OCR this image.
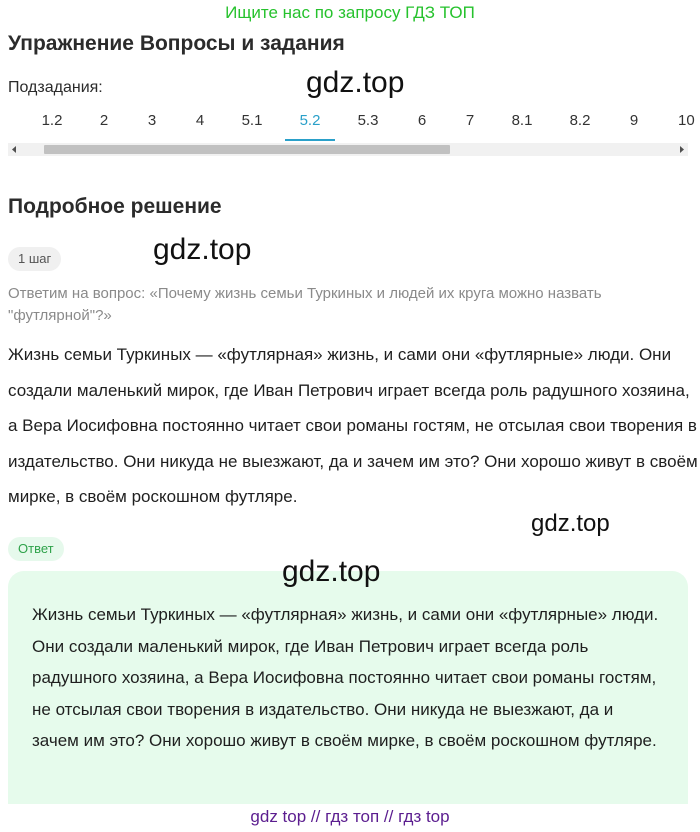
Ищите нас по запросу ГДЗ ТОП
Упражнение Вопросы и задания
Подзадания:	gdz.top
1.2	2	3	4	5.1	5.2	5.3	6	7	8.1	8.2	9	10
Подробное решение
1 шаг	gdz.top
Ответим на вопрос: «Почему жизнь семьи Туркиных и людей их круга можно назвать "футлярной"?»
Жизнь семьи Туркиных — «футлярная» жизнь, и сами они «футлярные» люди. Они создали маленький мирок, где Иван Петрович играет всегда роль радушного хозяина, а Вера Иосифовна постоянно читает свои романы гостям, не отсылая свои творения в издательство. Они никуда не выезжают, да и зачем им это? Они хорошо живут в своём мирке, в своём роскошном футляре.
gdz.top
Ответ
Жизнь семьи Туркиных — «футлярная» жизнь, и сами они «футлярные» люди. Они создали маленький мирок, где Иван Петрович играет всегда роль радушного хозяина, а Вера Иосифовна постоянно читает свои романы гостям, не отсылая свои творения в издательство. Они никуда не выезжают, да и зачем им это? Они хорошо живут в своём мирке, в своём роскошном футляре.
gdz.top
gdz top // гдз топ // гдз top
